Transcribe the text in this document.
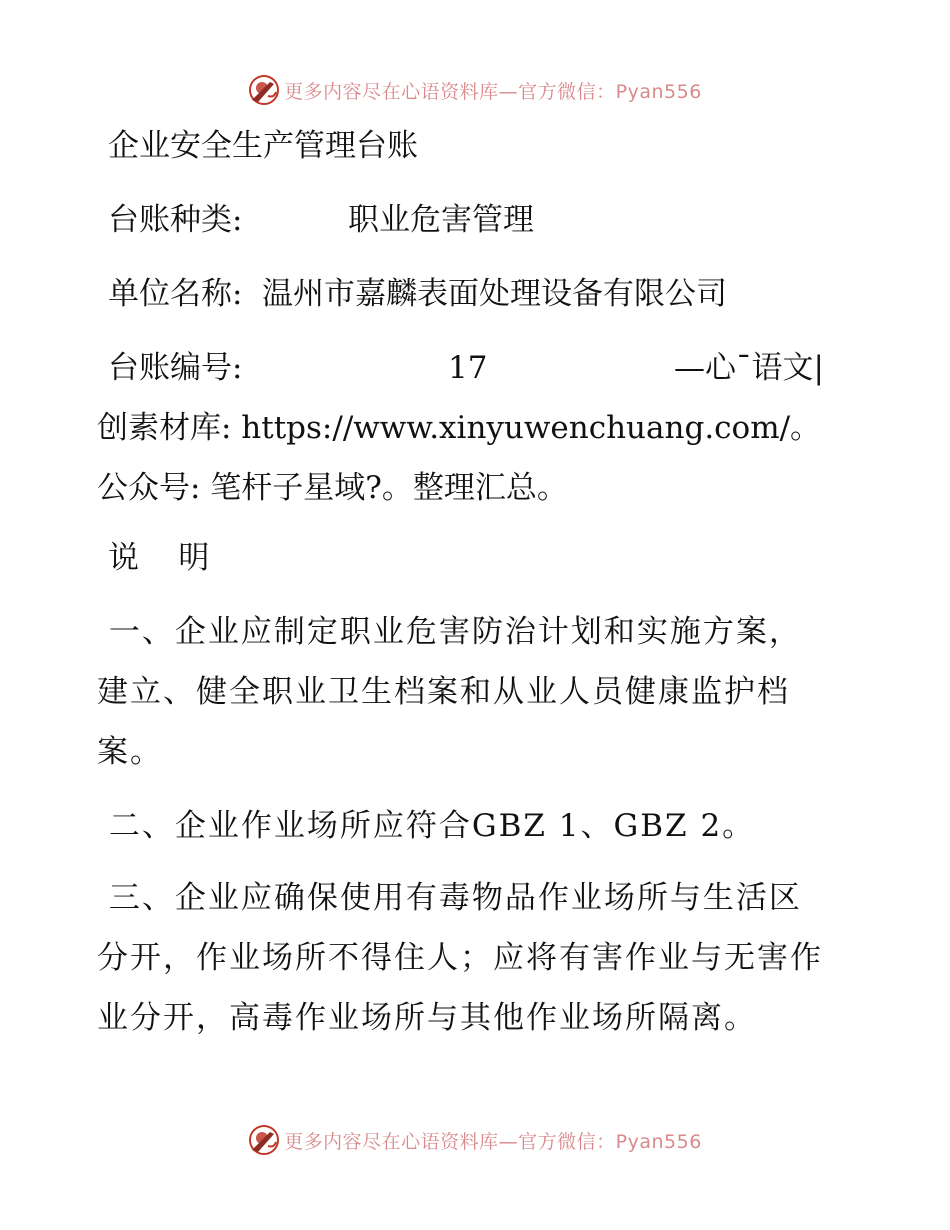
更多内容尽在心语资料库—官方微信：Pyan556
企业安全生产管理台账
台账种类:	职业危害管理
单位名称: 温州市嘉麟表面处理设备有限公司
台账编号:	17	—心¯语文|
创素材库: https://www.xinyuwenchuang.com/。
公众号: 笔杆子星域?。整理汇总。
说    明
一、企业应制定职业危害防治计划和实施方案，
建立、健全职业卫生档案和从业人员健康监护档
案。
二、企业作业场所应符合GBZ 1、GBZ 2。
三、企业应确保使用有毒物品作业场所与生活区
分开，作业场所不得住人；应将有害作业与无害作
业分开，高毒作业场所与其他作业场所隔离。
更多内容尽在心语资料库—官方微信：Pyan556
